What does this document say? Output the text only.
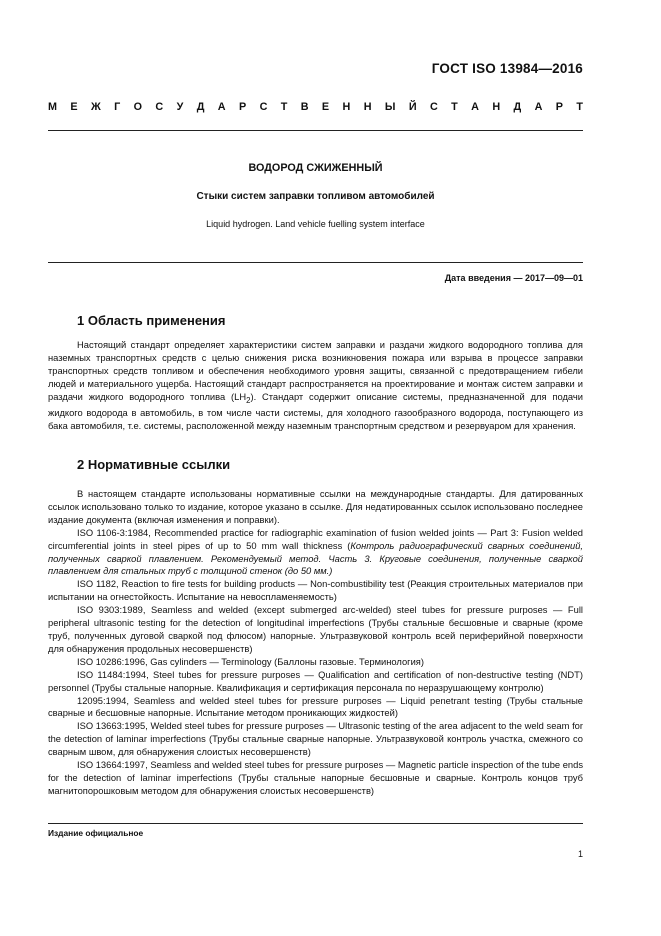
ГОСТ ISO 13984—2016
М Е Ж Г О С У Д А Р С Т В Е Н Н Ы Й С Т А Н Д А Р Т
ВОДОРОД СЖИЖЕННЫЙ
Стыки систем заправки топливом автомобилей
Liquid hydrogen. Land vehicle fuelling system interface
Дата введения — 2017—09—01
1 Область применения

Настоящий стандарт определяет характеристики систем заправки и раздачи жидкого водородного топлива для наземных транспортных средств с целью снижения риска возникновения пожара или взрыва в процессе заправки транспортных средств топливом и обеспечения необходимого уровня защиты, связанной с предотвращением гибели людей и материального ущерба. Настоящий стандарт распространяется на проектирование и монтаж систем заправки и раздачи жидкого водородного топлива $(LH_2)$. Стандарт содержит описание системы, предназначенной для подачи жидкого водорода в автомобиль, в том числе части системы, для холодного газообразного водорода, поступающего из бака автомобиля, т.е. системы, расположенной между наземным транспортным средством и резервуаром для хранения.

2 Нормативные ссылки

В настоящем стандарте использованы нормативные ссылки на международные стандарты. Для датированных ссылок использовано только то издание, которое указано в ссылке. Для недатированных ссылок использовано последнее издание документа (включая изменения и поправки).

ISO 1106-3:1984, Recommended practice for radiographic examination of fusion welded joints — Part 3: Fusion welded circumferential joints in steel pipes of up to 50 mm wall thickness (Контроль радиографический сварных соединений, полученных сваркой плавлением. Рекомендуемый метод. Часть 3. Круговые соединения, полученные сваркой плавлением для стальных труб с толщиной стенок (до 50 мм.)

ISO 1182, Reaction to fire tests for building products — Non-combustibility test (Реакция строительных материалов при испытании на огнестойкость. Испытание на невоспламеняемость)

ISO 9303:1989, Seamless and welded (except submerged arc-welded) steel tubes for pressure purposes — Full peripheral ultrasonic testing for the detection of longitudinal imperfections (Трубы стальные бесшовные и сварные (кроме труб, полученных дуговой сваркой под флюсом) напорные. Ультразвуковой контроль всей периферийной поверхности для обнаружения продольных несовершенств)

ISO 10286:1996, Gas cylinders — Terminology (Баллоны газовые. Терминология)

ISO 11484:1994, Steel tubes for pressure purposes — Qualification and certification of non-destructive testing (NDT) personnel (Трубы стальные напорные. Квалификация и сертификация персонала по неразрушающему контролю)

12095:1994, Seamless and welded steel tubes for pressure purposes — Liquid penetrant testing (Трубы стальные сварные и бесшовные напорные. Испытание методом проникающих жидкостей)

ISO 13663:1995, Welded steel tubes for pressure purposes — Ultrasonic testing of the area adjacent to the weld seam for the detection of laminar imperfections (Трубы стальные сварные напорные. Ультразвуковой контроль участка, смежного со сварным швом, для обнаружения слоистых несовершенств)

ISO 13664:1997, Seamless and welded steel tubes for pressure purposes — Magnetic particle inspection of the tube ends for the detection of laminar imperfections (Трубы стальные напорные бесшовные и сварные. Контроль концов труб магнитопорошковым методом для обнаружения слоистых несовершенств)

Издание официальное
1
